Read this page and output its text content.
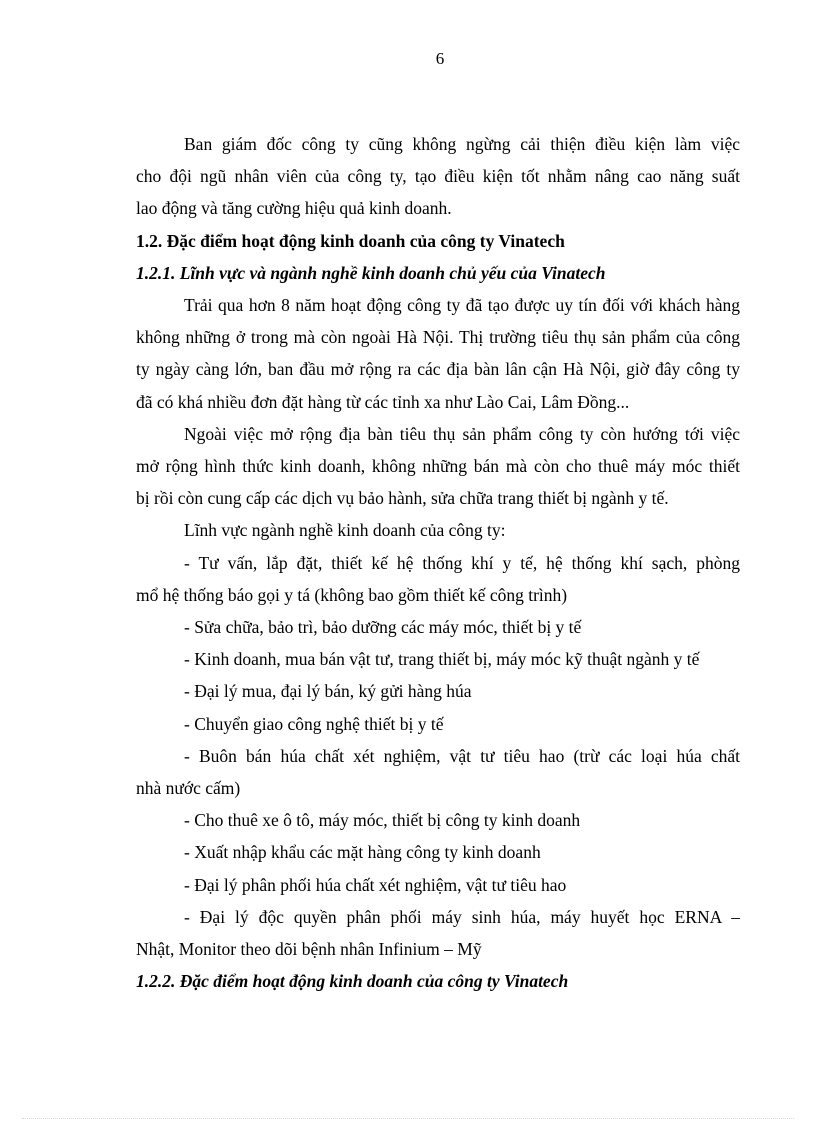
6

Ban giám đốc công ty cũng không ngừng cải thiện điều kiện làm việc

cho đội ngũ nhân viên của công ty, tạo điều kiện tốt nhằm nâng cao năng suất

lao động và tăng cường hiệu quả kinh doanh.

1.2. Đặc điểm hoạt động kinh doanh của công ty Vinatech

1.2.1. Lĩnh vực và ngành nghề kinh doanh chủ yếu của Vinatech

Trải qua hơn 8 năm hoạt động công ty đã tạo được uy tín đối với khách hàng

không những ở trong mà còn ngoài Hà Nội. Thị trường tiêu thụ sản phẩm của công

ty ngày càng lớn, ban đầu mở rộng ra các địa bàn lân cận Hà Nội, giờ đây công ty

đã có khá nhiều đơn đặt hàng từ các tỉnh xa như Lào Cai, Lâm Đồng...

Ngoài việc mở rộng địa bàn tiêu thụ sản phẩm công ty còn hướng tới việc

mở rộng hình thức kinh doanh, không những bán mà còn cho thuê máy móc thiết

bị rồi còn cung cấp các dịch vụ bảo hành, sửa chữa trang thiết bị ngành y tế.

Lĩnh vực ngành nghề kinh doanh của công ty:

- Tư vấn, lắp đặt, thiết kế hệ thống khí y tế, hệ thống khí sạch, phòng

mổ hệ thống báo gọi y tá (không bao gồm thiết kế công trình)

- Sửa chữa, bảo trì, bảo dưỡng các máy móc, thiết bị y tế

- Kinh doanh, mua bán vật tư, trang thiết bị, máy móc kỹ thuật ngành y tế

- Đại lý mua, đại lý bán, ký gửi hàng húa

- Chuyển giao công nghệ thiết bị y tế

- Buôn bán húa chất xét nghiệm, vật tư tiêu hao (trừ các loại húa chất

nhà nước cấm)

- Cho thuê xe ô tô, máy móc, thiết bị công ty kinh doanh

- Xuất nhập khẩu các mặt hàng công ty kinh doanh

- Đại lý phân phối húa chất xét nghiệm, vật tư tiêu hao

- Đại lý độc quyền phân phối máy sinh húa, máy huyết học ERNA –

Nhật, Monitor theo dõi bệnh nhân Infinium – Mỹ

1.2.2. Đặc điểm hoạt động kinh doanh của công ty Vinatech
